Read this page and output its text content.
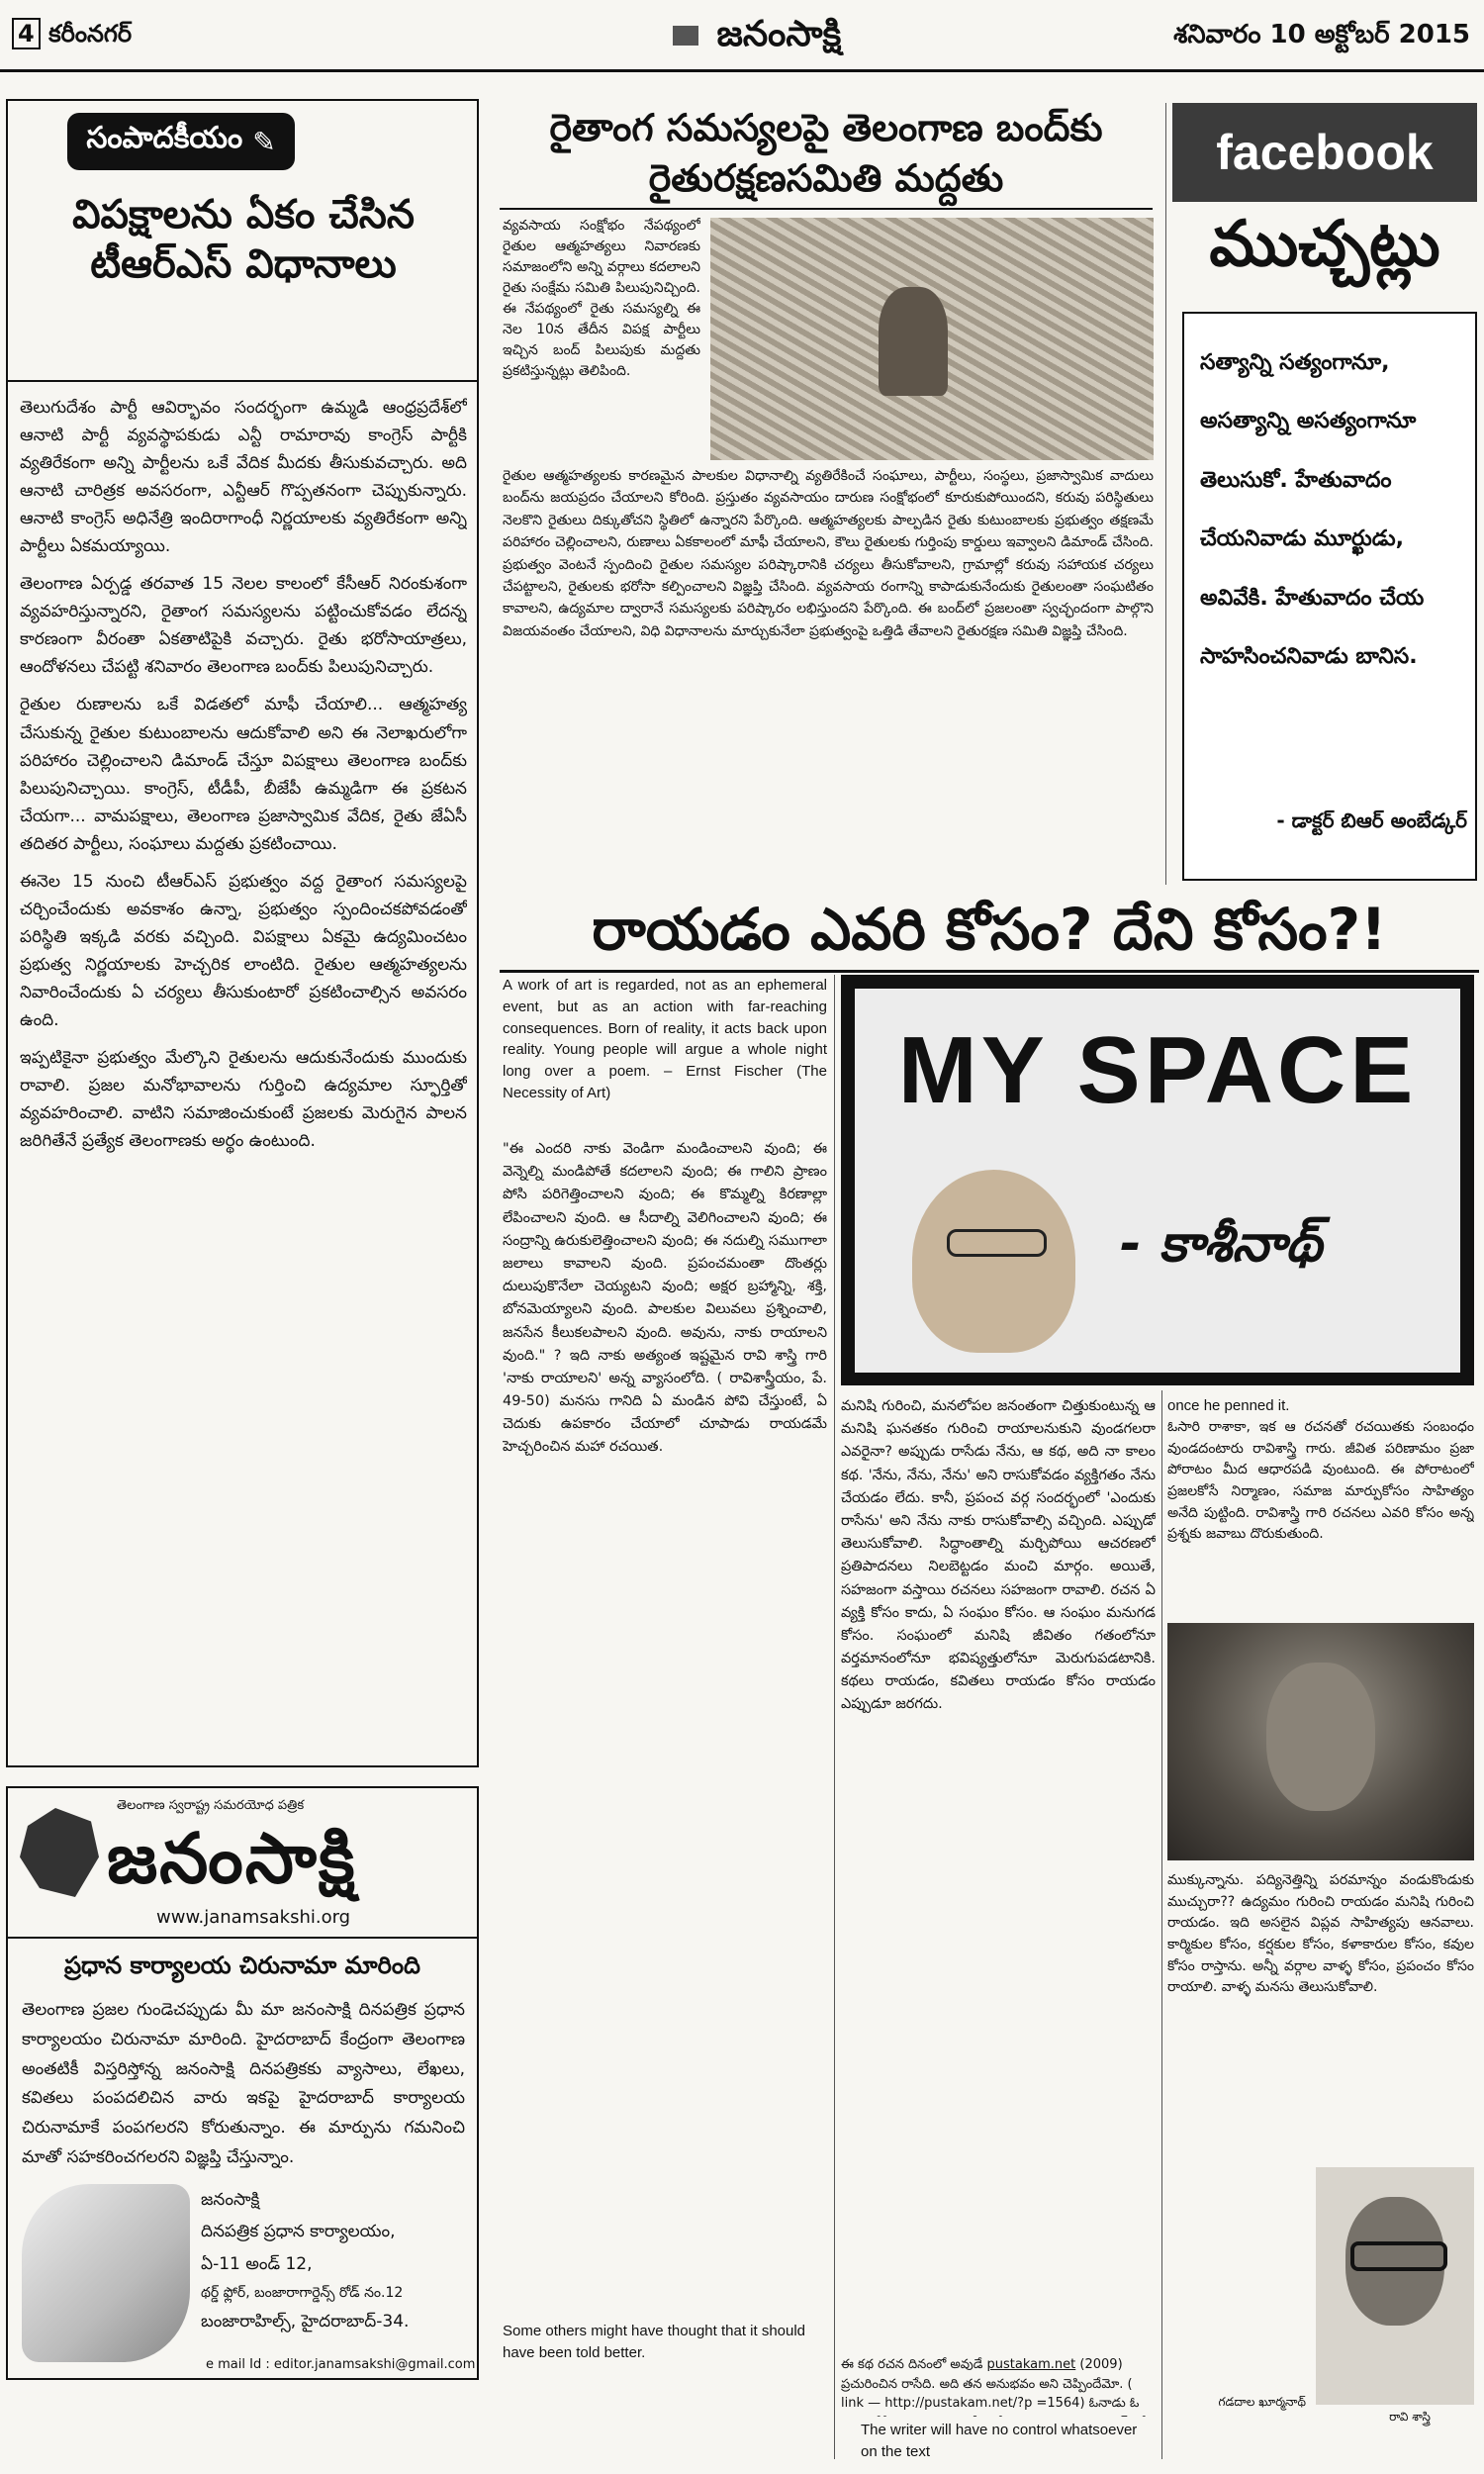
4 కరీంనగర్	జనంసాక్షి	శనివారం 10 అక్టోబర్ 2015
సంపాదకీయం ✎
విపక్షాలను ఏకం చేసిన టీఆర్ఎస్ విధానాలు

తెలుగుదేశం పార్టీ ఆవిర్భావం సందర్భంగా ఉమ్మడి ఆంధ్రప్రదేశ్‌లో ఆనాటి పార్టీ వ్యవస్థాపకుడు ఎన్టీ రామారావు కాంగ్రెస్ పార్టీకి వ్యతిరేకంగా అన్ని పార్టీలను ఒకే వేదిక మీదకు తీసుకువచ్చారు. అది ఆనాటి చారిత్రక అవసరంగా, ఎన్టీఆర్ గొప్పతనంగా చెప్పుకున్నారు. ఆనాటి కాంగ్రెస్ అధినేత్రి ఇందిరాగాంధీ నిర్ణయాలకు వ్యతిరేకంగా అన్ని పార్టీలు ఏకమయ్యాయి.

తెలంగాణ ఏర్పడ్డ తరవాత 15 నెలల కాలంలో కేసీఆర్ నిరంకుశంగా వ్యవహరిస్తున్నారని, రైతాంగ సమస్యలను పట్టించుకోవడం లేదన్న కారణంగా వీరంతా ఏకతాటిపైకి వచ్చారు. రైతు భరోసాయాత్రలు, ఆందోళనలు చేపట్టి శనివారం తెలంగాణ బంద్‌కు పిలుపునిచ్చారు.

రైతుల రుణాలను ఒకే విడతలో మాఫీ చేయాలి... ఆత్మహత్య చేసుకున్న రైతుల కుటుంబాలను ఆదుకోవాలి అని ఈ నెలాఖరులోగా పరిహారం చెల్లించాలని డిమాండ్ చేస్తూ విపక్షాలు తెలంగాణ బంద్‌కు పిలుపునిచ్చాయి. కాంగ్రెస్, టీడీపీ, బీజేపీ ఉమ్మడిగా ఈ ప్రకటన చేయగా... వామపక్షాలు, తెలంగాణ ప్రజాస్వామిక వేదిక, రైతు జేఏసీ తదితర పార్టీలు, సంఘాలు మద్దతు ప్రకటించాయి.

ఈనెల 15 నుంచి టీఆర్ఎస్ ప్రభుత్వం వద్ద రైతాంగ సమస్యలపై చర్చించేందుకు అవకాశం ఉన్నా, ప్రభుత్వం స్పందించకపోవడంతో పరిస్థితి ఇక్కడి వరకు వచ్చింది. విపక్షాలు ఏకమై ఉద్యమించటం ప్రభుత్వ నిర్ణయాలకు హెచ్చరిక లాంటిది. రైతుల ఆత్మహత్యలను నివారించేందుకు ఏ చర్యలు తీసుకుంటారో ప్రకటించాల్సిన అవసరం ఉంది.

ఇప్పటికైనా ప్రభుత్వం మేల్కొని రైతులను ఆదుకునేందుకు ముందుకు రావాలి. ప్రజల మనోభావాలను గుర్తించి ఉద్యమాల స్ఫూర్తితో వ్యవహరించాలి. వాటిని సమాజించుకుంటే ప్రజలకు మెరుగైన పాలన జరిగితేనే ప్రత్యేక తెలంగాణకు అర్థం ఉంటుంది.

తెలంగాణ స్వరాష్ట్ర సమరయోధ పత్రిక
జనంసాక్షి
www.janamsakshi.org
ప్రధాన కార్యాలయ చిరునామా మారింది
తెలంగాణ ప్రజల గుండెచప్పుడు మీ మా జనంసాక్షి దినపత్రిక ప్రధాన కార్యాలయం చిరునామా మారింది. హైదరాబాద్ కేంద్రంగా తెలంగాణ అంతటికీ విస్తరిస్తోన్న జనంసాక్షి దినపత్రికకు వ్యాసాలు, లేఖలు, కవితలు పంపదలిచిన వారు ఇకపై హైదరాబాద్ కార్యాలయ చిరునామాకే పంపగలరని కోరుతున్నాం. ఈ మార్పును గమనించి మాతో సహకరించగలరని విజ్ఞప్తి చేస్తున్నాం.
జనంసాక్షి
దినపత్రిక ప్రధాన కార్యాలయం,
ఏ-11 అండ్ 12,
థర్డ్ ఫ్లోర్, బంజారాగార్డెన్స్ రోడ్ నం.12
బంజారాహిల్స్, హైదరాబాద్-34.
e mail Id : editor.janamsakshi@gmail.com
రైతాంగ సమస్యలపై తెలంగాణ బంద్‌కు రైతురక్షణసమితి మద్దతు
వ్యవసాయ సంక్షోభం నేపథ్యంలో రైతుల ఆత్మహత్యలు నివారణకు సమాజంలోని అన్ని వర్గాలు కదలాలని రైతు సంక్షేమ సమితి పిలుపునిచ్చింది. ఈ నేపథ్యంలో రైతు సమస్యల్ని ఈ నెల 10న తేదీన విపక్ష పార్టీలు ఇచ్చిన బంద్ పిలుపుకు మద్దతు ప్రకటిస్తున్నట్లు తెలిపింది.
రైతుల ఆత్మహత్యలకు కారణమైన పాలకుల విధానాల్ని వ్యతిరేకించే సంఘాలు, పార్టీలు, సంస్థలు, ప్రజాస్వామిక వాదులు బంద్‌ను జయప్రదం చేయాలని కోరింది. ప్రస్తుతం వ్యవసాయం దారుణ సంక్షోభంలో కూరుకుపోయిందని, కరువు పరిస్థితులు నెలకొని రైతులు దిక్కుతోచని స్థితిలో ఉన్నారని పేర్కొంది. ఆత్మహత్యలకు పాల్పడిన రైతు కుటుంబాలకు ప్రభుత్వం తక్షణమే పరిహారం చెల్లించాలని, రుణాలు ఏకకాలంలో మాఫీ చేయాలని, కౌలు రైతులకు గుర్తింపు కార్డులు ఇవ్వాలని డిమాండ్ చేసింది. ప్రభుత్వం వెంటనే స్పందించి రైతుల సమస్యల పరిష్కారానికి చర్యలు తీసుకోవాలని, గ్రామాల్లో కరువు సహాయక చర్యలు చేపట్టాలని, రైతులకు భరోసా కల్పించాలని విజ్ఞప్తి చేసింది. వ్యవసాయ రంగాన్ని కాపాడుకునేందుకు రైతులంతా సంఘటితం కావాలని, ఉద్యమాల ద్వారానే సమస్యలకు పరిష్కారం లభిస్తుందని పేర్కొంది. ఈ బంద్‌లో ప్రజలంతా స్వచ్ఛందంగా పాల్గొని విజయవంతం చేయాలని, విధి విధానాలను మార్చుకునేలా ప్రభుత్వంపై ఒత్తిడి తేవాలని రైతురక్షణ సమితి విజ్ఞప్తి చేసింది.
facebook
ముచ్చట్లు
సత్యాన్ని సత్యంగానూ,
అసత్యాన్ని అసత్యంగానూ
తెలుసుకో. హేతువాదం
చేయనివాడు మూర్ఖుడు,
అవివేకి. హేతువాదం చేయ
సాహసించనివాడు బానిస.
- డాక్టర్ బిఆర్ అంబేడ్కర్
రాయడం ఎవరి కోసం? దేని కోసం?!
A work of art is regarded, not as an ephemeral event, but as an action with far-reaching consequences. Born of reality, it acts back upon reality. Young people will argue a whole night long over a poem. – Ernst Fischer (The Necessity of Art)
"ఈ ఎందరి నాకు వెండిగా మండించాలని వుంది; ఈ వెన్నెల్ని మండిపోతే కదలాలని వుంది; ఈ గాలిని ప్రాణం పోసి పరిగెత్తించాలని వుంది; ఈ కొమ్మల్ని కిరణాల్లా లేపించాలని వుంది. ఆ సీదాల్ని వెలిగించాలని వుంది; ఈ సంద్రాన్ని ఉరుకులెత్తించాలని వుంది; ఈ నదుల్ని సముగాలా జలాలు కావాలని వుంది. ప్రపంచమంతా దొంతర్లు దులుపుకొనేలా చెయ్యటని వుంది; అక్షర బ్రహ్మాన్ని, శక్తి, బోనమెయ్యాలని వుంది. పాలకుల విలువలు ప్రశ్నించాలి, జనసేన కీలుకలపాలని వుంది. అవును, నాకు రాయాలని వుంది." ? ఇది నాకు అత్యంత ఇష్టమైన రావి శాస్త్రి గారి 'నాకు రాయాలని' అన్న వ్యాసంలోది. ( రావిశాస్త్రీయం, పే. 49-50) మనసు గానిది ఏ మండిన పోవి చేస్తుంటే, ఏ చెదుకు ఉపకారం చేయాలో చూపాడు రాయడమే హెచ్చరించిన మహా రచయిత.
Some others might have thought that it should have been told better.
The writer will have no control whatsoever on the text
MY SPACE
- కాశీనాథ్
మనిషి గురించి, మనలోపల జనంతంగా చిత్తుకుంటున్న ఆ మనిషి ఘనతకం గురించి రాయాలనుకుని వుండగలరా ఎవరైనా? అప్పుడు రాసేడు నేను, ఆ కథ, అది నా కాలం కథ. 'నేను, నేను, నేను' అని రాసుకోవడం వ్యక్తిగతం నేను చేయడం లేదు. కానీ, ప్రపంచ వర్గ సందర్భంలో 'ఎందుకు రాసేను' అని నేను నాకు రాసుకోవాల్సి వచ్చింది. ఎప్పుడో తెలుసుకోవాలి. సిద్ధాంతాల్ని మర్చిపోయి ఆచరణలో ప్రతిపాదనలు నిలబెట్టడం మంచి మార్గం. అయితే, సహజంగా వస్తాయి రచనలు సహజంగా రావాలి. రచన ఏ వ్యక్తి కోసం కాదు, ఏ సంఘం కోసం. ఆ సంఘం మనుగడ కోసం. సంఘంలో మనిషి జీవితం గతంలోనూ వర్తమానంలోనూ భవిష్యత్తులోనూ మెరుగుపడటానికి. కథలు రాయడం, కవితలు రాయడం కోసం రాయడం ఎప్పుడూ జరగదు.
ఈ కథ రచన దినంలో అవుడే pustakam.net (2009) ప్రచురించిన రాసేది. అది తన అనుభవం అని చెప్పిందేమో. ( link — http://pustakam.net/?p =1564) ఓనాడు ఓ
once he penned it.
ఓసారి రాశాకా, ఇక ఆ రచనతో రచయితకు సంబంధం వుండదంటారు రావిశాస్త్రి గారు. జీవిత పరిణామం ప్రజా పోరాటం మీద ఆధారపడి వుంటుంది. ఈ పోరాటంలో ప్రజలకోసే నిర్మాణం, సమాజ మార్పుకోసం సాహిత్యం అనేది పుట్టింది. రావిశాస్త్రి గారి రచనలు ఎవరి కోసం అన్న ప్రశ్నకు జవాబు దొరుకుతుంది.
ముక్కున్నాను. పద్యినెత్తిన్ని పరమాన్నం వండుకొండుకు ముచ్చురా?? ఉద్యమం గురించి రాయడం మనిషి గురించి రాయడం. ఇది అసలైన విప్లవ సాహిత్యపు ఆనవాలు. కార్మికుల కోసం, కర్షకుల కోసం, కళాకారుల కోసం, కవుల కోసం రాస్తాను. అన్నీ వర్గాల వాళ్ళ కోసం, ప్రపంచం కోసం రాయాలి. వాళ్ళ మనసు తెలుసుకోవాలి.
గడదాల ఖూర్మనాథ్
రావి శాస్త్రి
